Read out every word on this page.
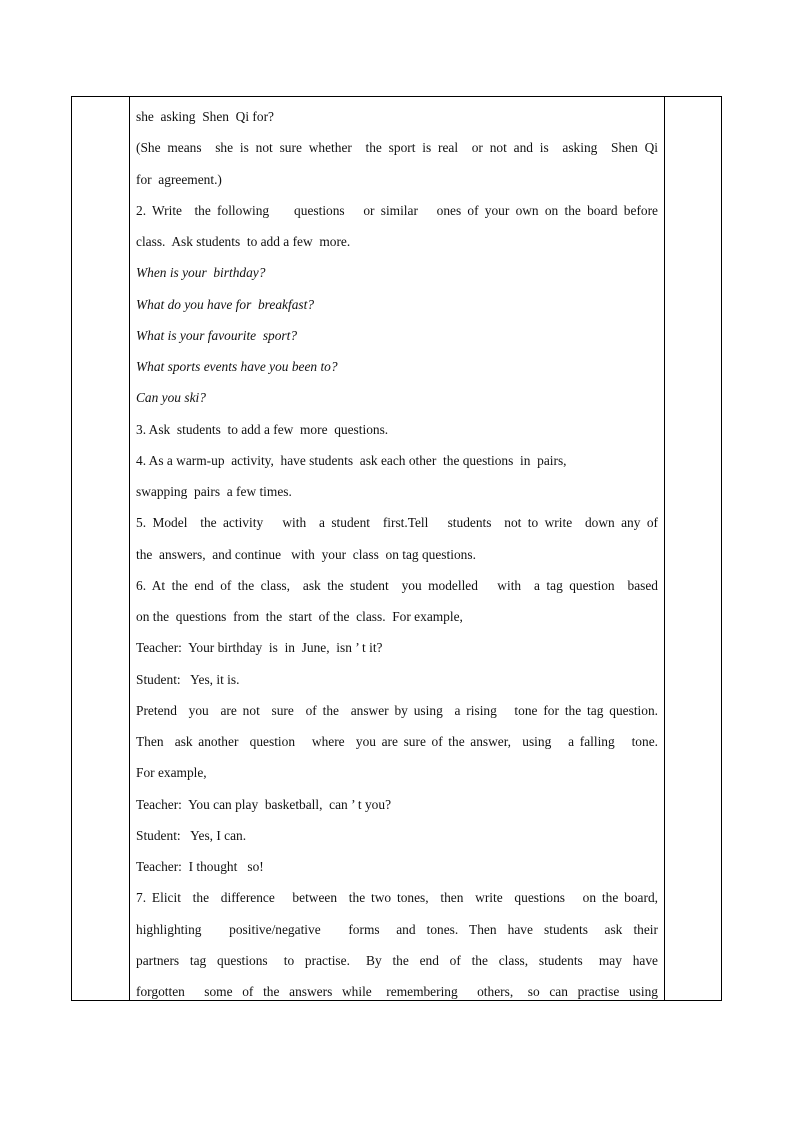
she  asking  Shen  Qi for?
(She means  she is not sure whether  the sport is real  or not and is  asking  Shen Qi
for  agreement.)
2. Write  the following    questions   or similar   ones of your own on the board before
class.  Ask students  to add a few  more.
When is your  birthday?
What do you have for  breakfast?
What is your favourite  sport?
What sports events have you been to?
Can you ski?
3. Ask  students  to add a few  more  questions.
4. As a warm-up  activity,  have students  ask each other  the questions  in  pairs,
swapping  pairs  a few times.
5. Model  the activity   with  a student  first.Tell   students  not to write  down any of
the  answers,  and continue   with  your  class  on tag questions.
6. At the end of the class,  ask the student  you modelled   with  a tag question  based
on the  questions  from  the  start  of the  class.  For example,
Teacher:  Your birthday  is  in  June,  isn ’ t it?
Student:   Yes, it is.
Pretend  you  are not  sure  of the  answer by using  a rising   tone for the tag question.
Then  ask another  question   where  you are sure of the answer,  using   a falling   tone.
For example,
Teacher:  You can play  basketball,  can ’ t you?
Student:   Yes, I can.
Teacher:  I thought   so!
7. Elicit  the  difference   between  the two tones,  then  write  questions   on the board,
highlighting     positive/negative     forms   and  tones.  Then  have  students   ask  their
partners  tag  questions   to  practise.   By  the  end  of  the  class,  students   may  have
forgotten    some  of  the  answers  while   remembering    others,   so  can  practise  using
